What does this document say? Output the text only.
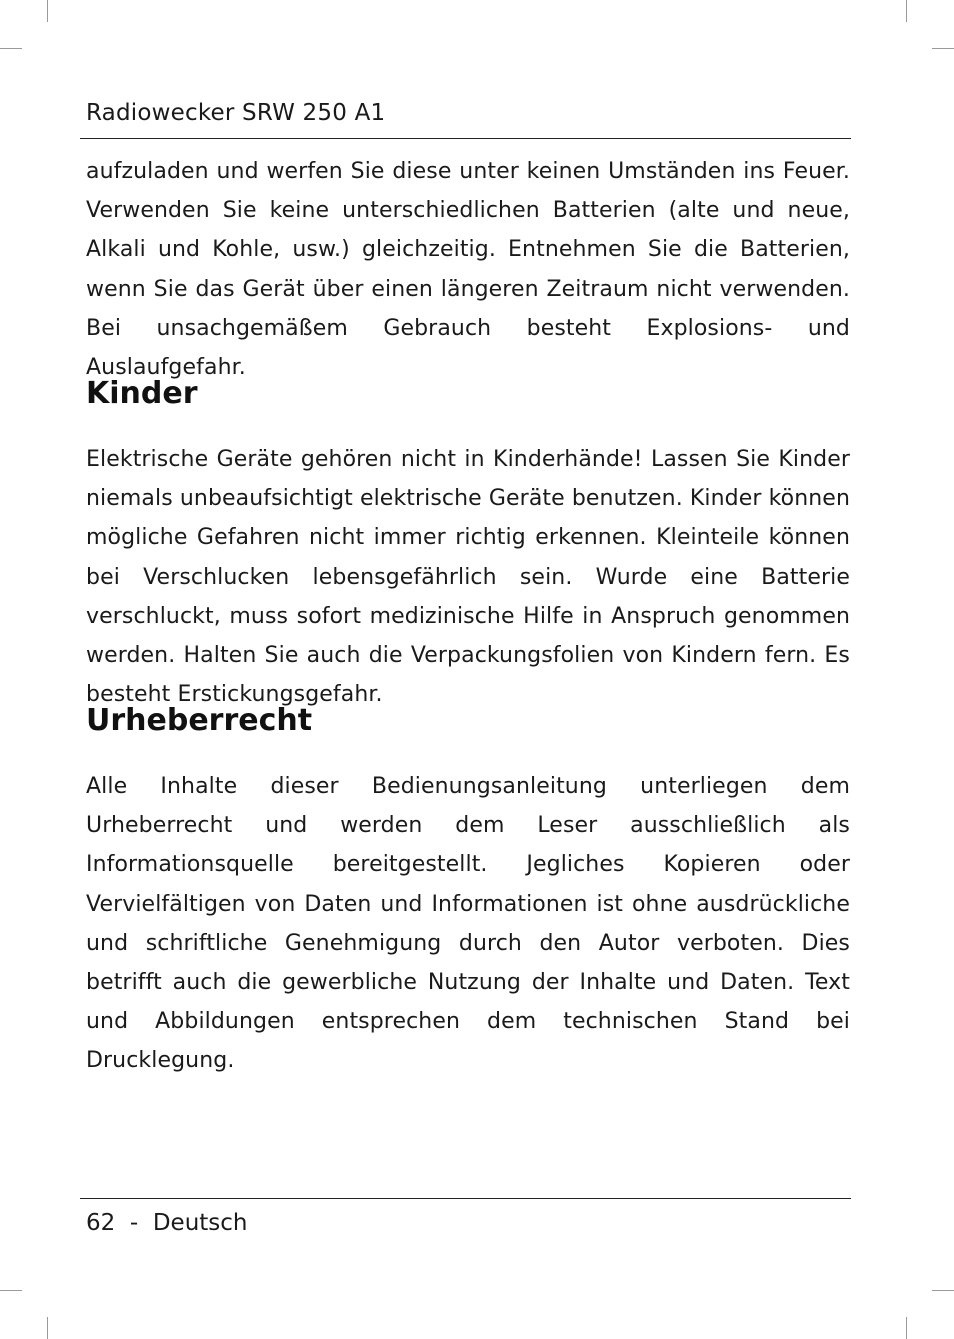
Radiowecker SRW 250 A1

aufzuladen und werfen Sie diese unter keinen Umständen ins Feuer. Verwenden Sie keine unterschiedlichen Batterien (alte und neue, Alkali und Kohle, usw.) gleichzeitig. Entnehmen Sie die Batterien, wenn Sie das Gerät über einen längeren Zeitraum nicht verwenden. Bei unsachgemäßem Gebrauch besteht Explosions- und Auslaufgefahr.

Kinder

Elektrische Geräte gehören nicht in Kinderhände! Lassen Sie Kinder niemals unbeaufsichtigt elektrische Geräte benutzen. Kinder können mögliche Gefahren nicht immer richtig erkennen. Kleinteile können bei Verschlucken lebensgefährlich sein. Wurde eine Batterie verschluckt, muss sofort medizinische Hilfe in Anspruch genommen werden. Halten Sie auch die Verpackungsfolien von Kindern fern. Es besteht Erstickungsgefahr.

Urheberrecht

Alle Inhalte dieser Bedienungsanleitung unterliegen dem Urheberrecht und werden dem Leser ausschließlich als Informationsquelle bereitgestellt. Jegliches Kopieren oder Vervielfältigen von Daten und Informationen ist ohne ausdrückliche und schriftliche Genehmigung durch den Autor verboten. Dies betrifft auch die gewerbliche Nutzung der Inhalte und Daten. Text und Abbildungen entsprechen dem technischen Stand bei Drucklegung.

62 - Deutsch
